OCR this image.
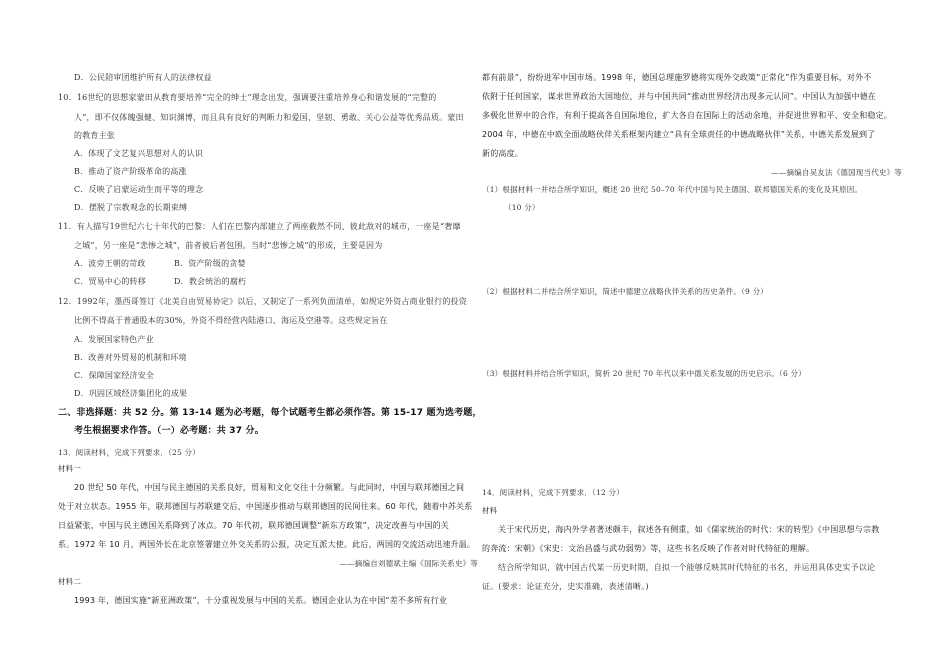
D．公民陪审团维护所有人的法律权益
10．16世纪的思想家蒙田从教育要培养“完全的绅士”理念出发，强调要注重培养身心和谐发展的“完整的
人”，即不仅体魄强健、知识渊博，而且具有良好的判断力和爱国、坚韧、勇敢、关心公益等优秀品质。蒙田
的教育主张
A．体现了文艺复兴思想对人的认识
B．推动了资产阶级革命的高涨
C．反映了启蒙运动生而平等的理念
D．摆脱了宗教观念的长期束缚
11．有人描写19世纪六七十年代的巴黎：人们在巴黎内部建立了两座截然不同、彼此敌对的城市，一座是“奢靡
之城”，另一座是“悲惨之城”，前者被后者包围。当时“悲惨之城”的形成，主要是因为
A．波旁王朝的苛政	B．资产阶级的贪婪
C．贸易中心的转移	D．教会统治的腐朽
12．1992年，墨西哥签订《北美自由贸易协定》以后，又制定了一系列负面清单，如规定外资占商业银行的投资
比例不得高于普通股本的30%，外资不得经营内陆港口、海运及空港等。这些规定旨在
A．发展国家特色产业
B．改善对外贸易的机制和环境
C．保障国家经济安全
D．巩固区域经济集团化的成果
二、非选择题：共 52 分。第 13-14 题为必考题，每个试题考生都必须作答。第 15-17 题为选考题，
考生根据要求作答。（一）必考题：共 37 分。
13．阅读材料，完成下列要求．（25 分）
材料一
20 世纪 50 年代，中国与民主德国的关系良好，贸易和文化交往十分频繁。与此同时，中国与联邦德国之间
处于对立状态。1955 年，联邦德国与苏联建交后，中国逐步推动与联邦德国的民间往来。60 年代，随着中苏关系
日益紧张，中国与民主德国关系降到了冰点。70 年代初，联邦德国调整“新东方政策”，决定改善与中国的关
系。1972 年 10 月，两国外长在北京签署建立外交关系的公报，决定互派大使。此后，两国的交流活动迅速升温。
——摘编自刘德斌主编《国际关系史》等
材料二
1993 年，德国实施“新亚洲政策”，十分重视发展与中国的关系。德国企业认为在中国“差不多所有行业
都有前景”，纷纷进军中国市场。1998 年，德国总理施罗德将实现外交政策“正常化”作为重要目标，对外不
依附于任何国家，谋求世界政治大国地位，并与中国共同“推动世界经济出现多元认同”。中国认为加强中德在
多极化世界中的合作，有利于提高各自国际地位，扩大各自在国际上的活动余地，并促进世界和平、安全和稳定。
2004 年，中德在中欧全面战略伙伴关系框架内建立“具有全球责任的中德战略伙伴”关系，中德关系发展到了
新的高度。
——摘编自吴友法《德国现当代史》等
（1）根据材料一并结合所学知识，概述 20 世纪 50–70 年代中国与民主德国、联邦德国关系的变化及其原因。
（10 分）
（2）根据材料二并结合所学知识，简述中德建立战略伙伴关系的历史条件。（9 分）
（3）根据材料并结合所学知识，简析 20 世纪 70 年代以来中德关系发展的历史启示。（6 分）
14．阅读材料，完成下列要求．（12 分）
材料
关于宋代历史，海内外学者著述颇丰，叙述各有侧重，如《儒家统治的时代：宋的转型》《中国思想与宗教
的奔流：宋朝》《宋史：文治昌盛与武功弱势》等，这些书名反映了作者对时代特征的理解。
结合所学知识，就中国古代某一历史时期，自拟一个能够反映其时代特征的书名，并运用具体史实予以论
证。(要求：论证充分，史实准确，表述清晰。)
